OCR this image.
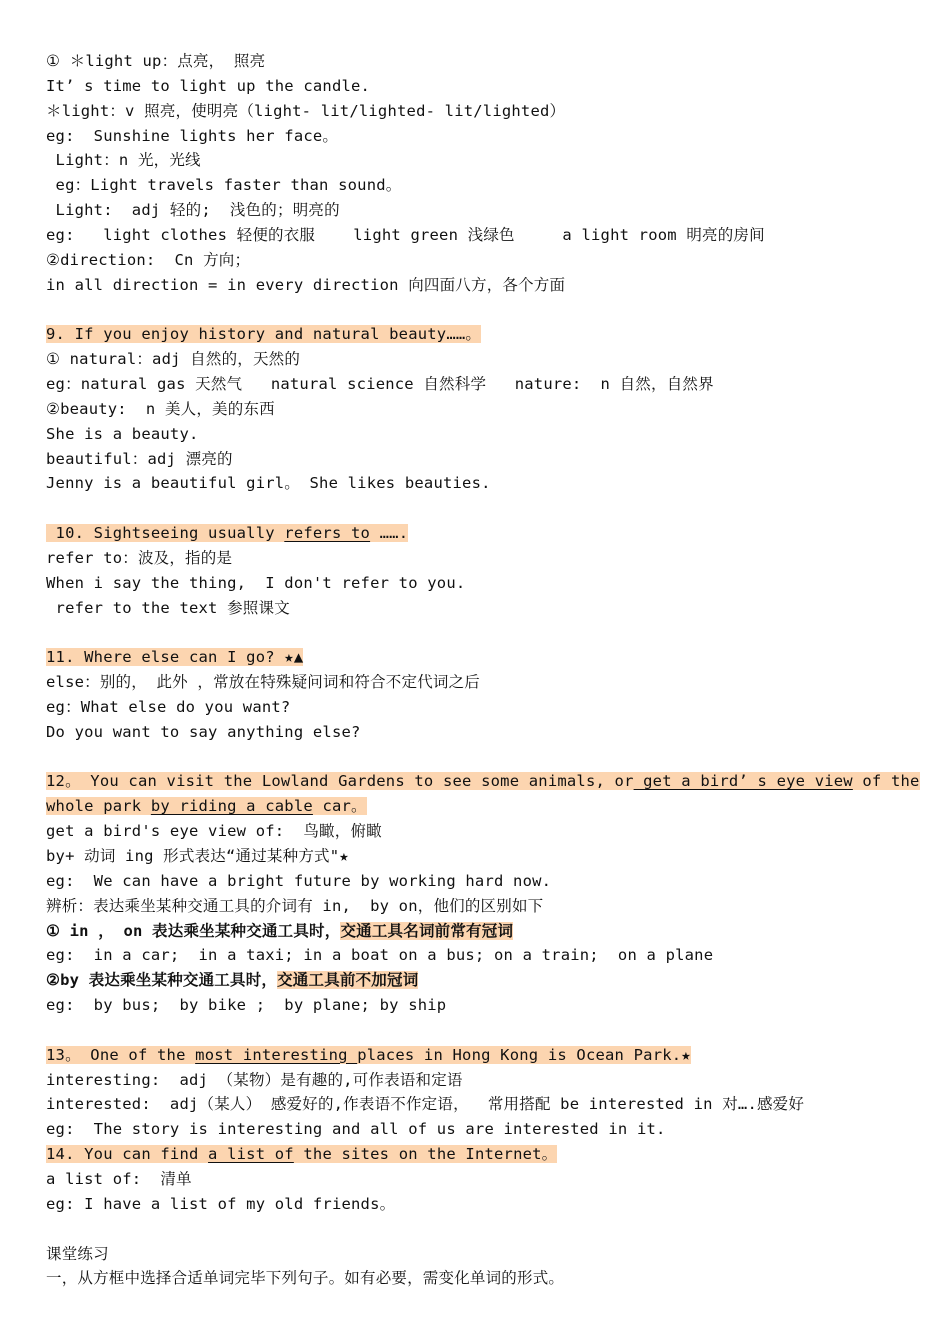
① ＊light up：点亮， 照亮
It’ s time to light up the candle.
＊light：v 照亮，使明亮（light- lit/lighted- lit/lighted）
eg:  Sunshine lights her face。
Light：n 光，光线
eg：Light travels faster than sound。
Light:  adj 轻的;  浅色的；明亮的
eg:   light clothes 轻便的衣服    light green 浅绿色     a light room 明亮的房间
②direction:  Cn 方向；
in all direction = in every direction 向四面八方，各个方面
9. If you enjoy history and natural beauty……。
① natural：adj 自然的，天然的
eg：natural gas 天然气   natural science 自然科学   nature:  n 自然，自然界
②beauty:  n 美人，美的东西
She is a beauty.
beautiful：adj 漂亮的
Jenny is a beautiful girl。 She likes beauties.
10. Sightseeing usually refers to …….
refer to：波及，指的是
When i say the thing,  I don't refer to you.
refer to the text 参照课文
11. Where else can I go? ★▲
else：别的， 此外 ，常放在特殊疑问词和符合不定代词之后
eg：What else do you want?
Do you want to say anything else?
12。 You can visit the Lowland Gardens to see some animals, or get a bird’ s eye view of the
whole park by riding a cable car。
get a bird's eye view of:  鸟瞰，俯瞰
by+ 动词 ing 形式表达“通过某种方式"★
eg:  We can have a bright future by working hard now.
辨析：表达乘坐某种交通工具的介词有 in,  by on，他们的区别如下
① in ， on 表达乘坐某种交通工具时，交通工具名词前常有冠词
eg:  in a car;  in a taxi; in a boat on a bus; on a train;  on a plane
②by 表达乘坐某种交通工具时，交通工具前不加冠词
eg:  by bus;  by bike ;  by plane; by ship
13。 One of the most interesting places in Hong Kong is Ocean Park.★
interesting:  adj （某物）是有趣的,可作表语和定语
interested:  adj（某人） 感爱好的,作表语不作定语，  常用搭配 be interested in 对….感爱好
eg:  The story is interesting and all of us are interested in it.
14. You can find a list of the sites on the Internet。
a list of:  清单
eg: I have a list of my old friends。
课堂练习
一，从方框中选择合适单词完毕下列句子。如有必要，需变化单词的形式。
